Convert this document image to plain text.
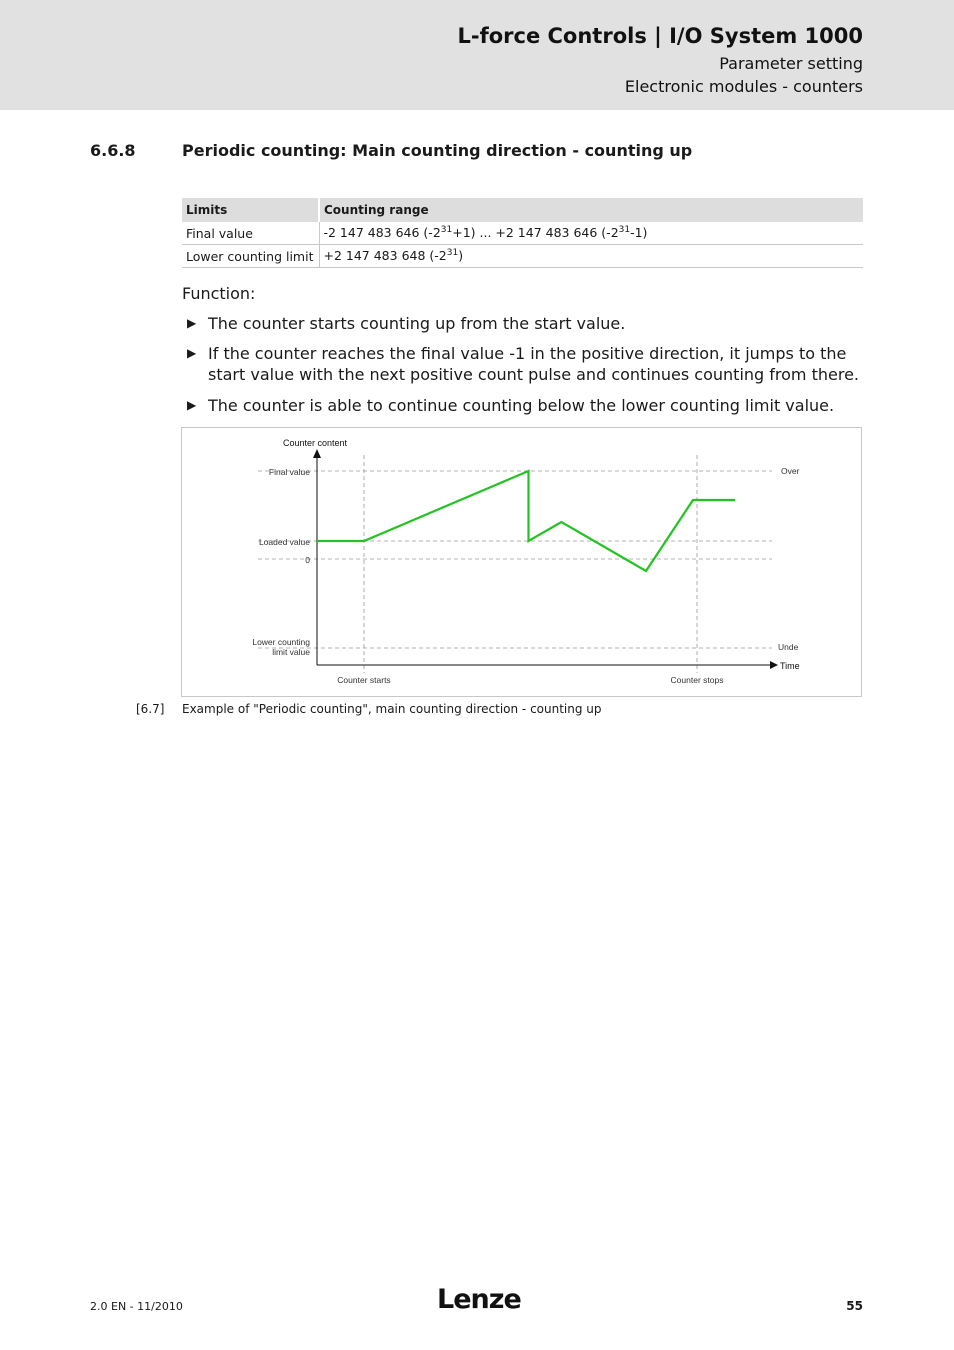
L-force Controls | I/O System 1000
Parameter setting
Electronic modules - counters
6.6.8	Periodic counting: Main counting direction - counting up
Limits	Counting range
Final value	-2 147 483 646 $(-2^{31}+1)$ ... +2 147 483 646 $(-2^{31}-1)$
Lower counting limit	+2 147 483 648 $(-2^{31})$
Function:
▶ The counter starts counting up from the start value.
▶ If the counter reaches the final value -1 in the positive direction, it jumps to the start value with the next positive count pulse and continues counting from there.
▶ The counter is able to continue counting below the lower counting limit value.
Counter content
Final value
Loaded value
0
Lower counting
limit value
Over
Unde
Time
Counter starts	Counter stops
[6.7] Example of "Periodic counting", main counting direction - counting up
2.0 EN - 11/2010	Lenze	55
